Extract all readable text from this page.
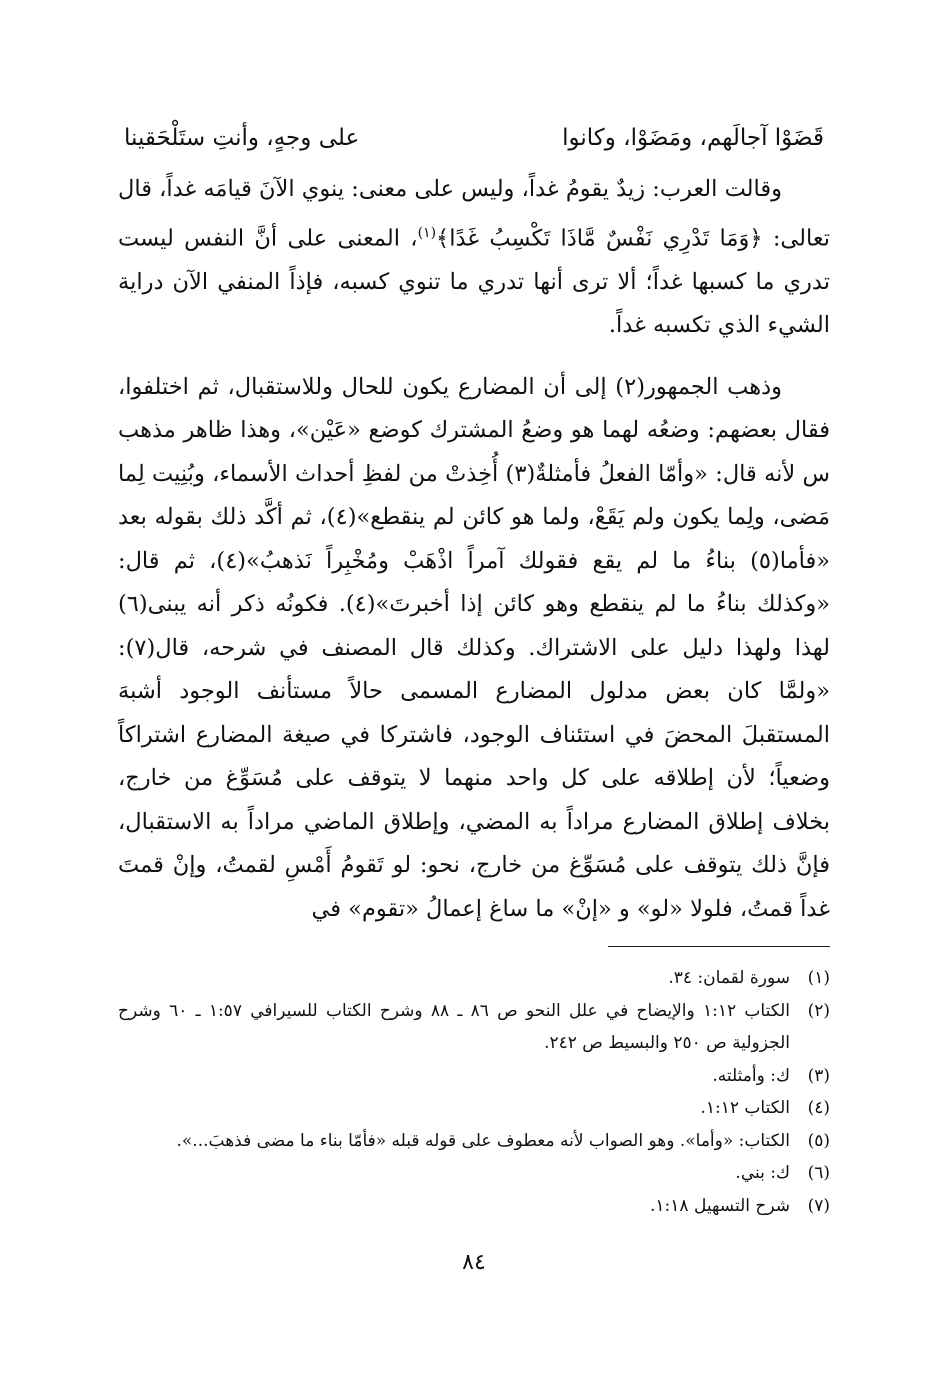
قَضَوْا آجالَهم، ومَضَوْا، وكانوا
على وجهٍ، وأنتِ ستَلْحَقينا

وقالت العرب: زيدٌ يقومُ غداً، وليس على معنى: ينوي الآنَ قيامَه غداً، قال تعالى: ﴿وَمَا تَدْرِي نَفْسٌ مَّاذَا تَكْسِبُ غَدًا﴾$^{(١)}$، المعنى على أنَّ النفس ليست تدري ما كسبها غداً؛ ألا ترى أنها تدري ما تنوي كسبه، فإذاً المنفي الآن دراية الشيء الذي تكسبه غداً.

وذهب الجمهور(٢) إلى أن المضارع يكون للحال وللاستقبال، ثم اختلفوا، فقال بعضهم: وضعُه لهما هو وضعُ المشترك كوضع «عَيْن»، وهذا ظاهر مذهب س لأنه قال: «وأمّا الفعلُ فأمثلةٌ(٣) أُخِذتْ من لفظِ أحداث الأسماء، وبُنِيت لِما مَضى، ولِما يكون ولم يَقَعْ، ولما هو كائن لم ينقطع»(٤)، ثم أكَّد ذلك بقوله بعد «فأما(٥) بناءُ ما لم يقع فقولك آمراً اذْهَبْ ومُخْبِراً نَذهبُ»(٤)، ثم قال: «وكذلك بناءُ ما لم ينقطع وهو كائن إذا أخبرتَ»(٤). فكونُه ذكر أنه يبنى(٦) لهذا ولهذا دليل على الاشتراك. وكذلك قال المصنف في شرحه، قال(٧): «ولمَّا كان بعض مدلول المضارع المسمى حالاً مستأنف الوجود أشبهَ المستقبلَ المحضَ في استئناف الوجود، فاشتركا في صيغة المضارع اشتراكاً وضعياً؛ لأن إطلاقه على كل واحد منهما لا يتوقف على مُسَوِّغ من خارج، بخلاف إطلاق المضارع مراداً به المضي، وإطلاق الماضي مراداً به الاستقبال، فإنَّ ذلك يتوقف على مُسَوِّغ من خارج، نحو: لو تَقومُ أَمْسِ لقمتُ، وإنْ قمتَ غداً قمتُ، فلولا «لو» و «إنْ» ما ساغ إعمالُ «تقوم» في

(١)
سورة لقمان: ٣٤.
(٢)
الكتاب ١:١٢ والإيضاح في علل النحو ص ٨٦ ـ ٨٨ وشرح الكتاب للسيرافي ١:٥٧ ـ ٦٠ وشرح الجزولية ص ٢٥٠ والبسيط ص ٢٤٢.
(٣)
ك: وأمثلته.
(٤)
الكتاب ١:١٢.
(٥)
الكتاب: «وأما». وهو الصواب لأنه معطوف على قوله قبله «فأمّا بناء ما مضى فذهبَ...».
(٦)
ك: بني.
(٧)
شرح التسهيل ١:١٨.
٨٤
